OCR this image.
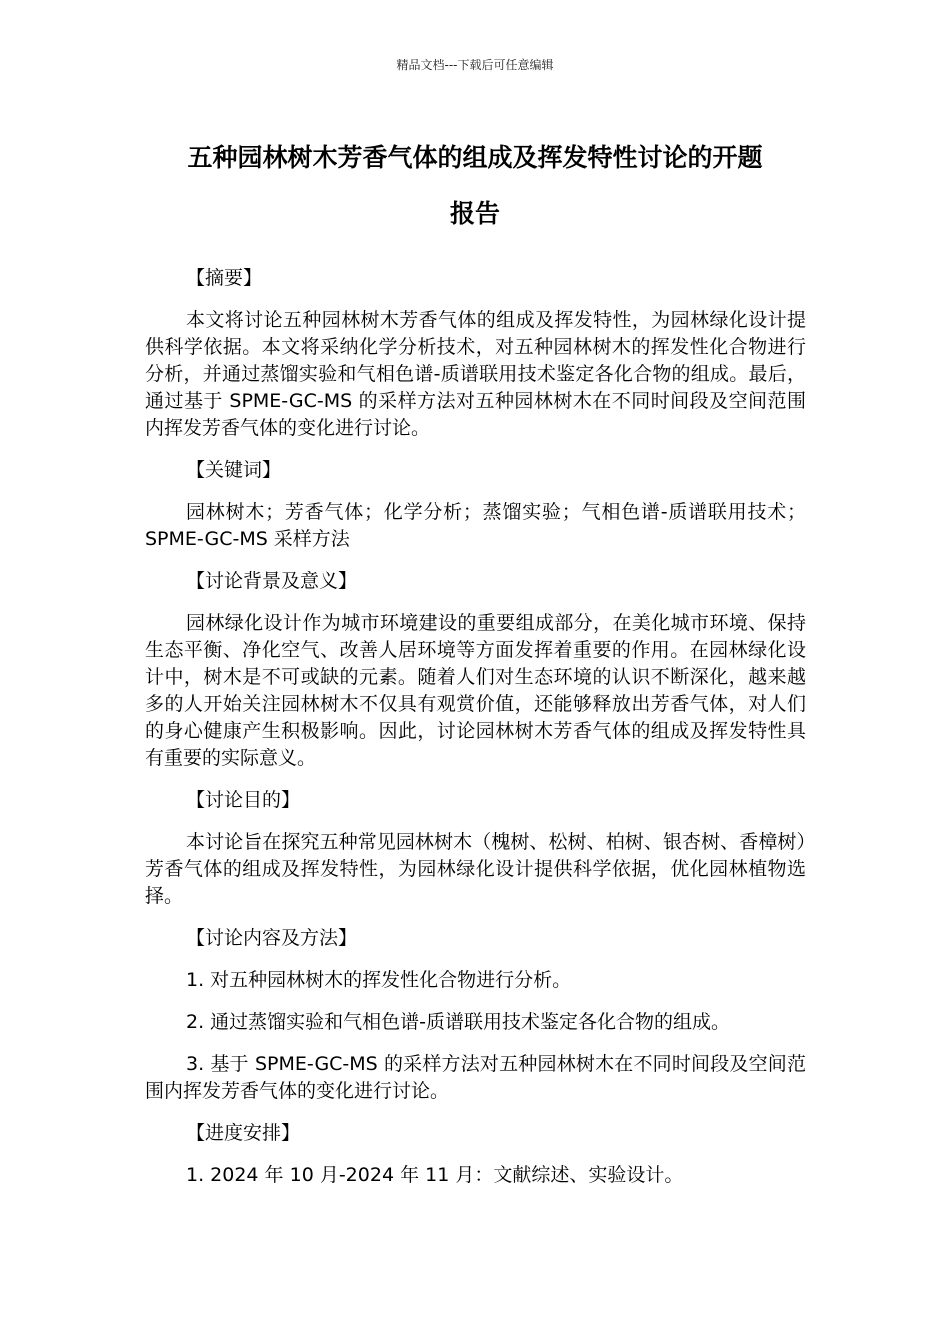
精品文档---下载后可任意编辑
五种园林树木芳香气体的组成及挥发特性讨论的开题
报告
【摘要】
本文将讨论五种园林树木芳香气体的组成及挥发特性，为园林绿化设计提供科学依据。本文将采纳化学分析技术，对五种园林树木的挥发性化合物进行分析，并通过蒸馏实验和气相色谱-质谱联用技术鉴定各化合物的组成。最后，通过基于 SPME-GC-MS 的采样方法对五种园林树木在不同时间段及空间范围内挥发芳香气体的变化进行讨论。
【关键词】
园林树木；芳香气体；化学分析；蒸馏实验；气相色谱-质谱联用技术；SPME-GC-MS 采样方法
【讨论背景及意义】
园林绿化设计作为城市环境建设的重要组成部分，在美化城市环境、保持生态平衡、净化空气、改善人居环境等方面发挥着重要的作用。在园林绿化设计中，树木是不可或缺的元素。随着人们对生态环境的认识不断深化，越来越多的人开始关注园林树木不仅具有观赏价值，还能够释放出芳香气体，对人们的身心健康产生积极影响。因此，讨论园林树木芳香气体的组成及挥发特性具有重要的实际意义。
【讨论目的】
本讨论旨在探究五种常见园林树木（槐树、松树、柏树、银杏树、香樟树）芳香气体的组成及挥发特性，为园林绿化设计提供科学依据，优化园林植物选择。
【讨论内容及方法】
1. 对五种园林树木的挥发性化合物进行分析。
2. 通过蒸馏实验和气相色谱-质谱联用技术鉴定各化合物的组成。
3. 基于 SPME-GC-MS 的采样方法对五种园林树木在不同时间段及空间范围内挥发芳香气体的变化进行讨论。
【进度安排】
1. 2024 年 10 月-2024 年 11 月：文献综述、实验设计。
